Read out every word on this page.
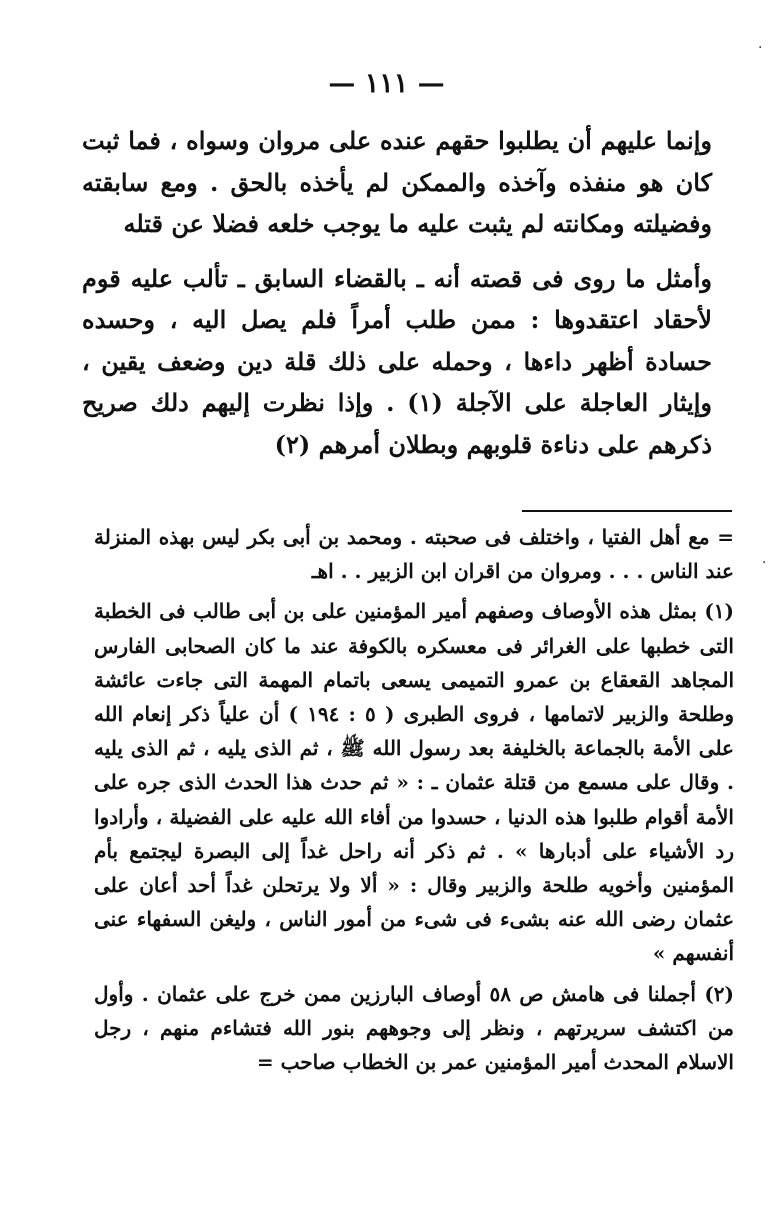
— ١١١ —

وإنما عليهم أن يطلبوا حقهم عنده على مروان وسواه ، فما ثبت كان هو منفذه وآخذه والممكن لم يأخذه بالحق . ومع سابقته وفضيلته ومكانته لم يثبت عليه ما يوجب خلعه فضلا عن قتله

وأمثل ما روى فى قصته أنه ـ بالقضاء السابق ـ تألب عليه قوم لأحقاد اعتقدوها : ممن طلب أمراً فلم يصل اليه ، وحسده حسادة أظهر داءها ، وحمله على ذلك قلة دين وضعف يقين ، وإيثار العاجلة على الآجلة (١) . وإذا نظرت إليهم دلك صريح ذكرهم على دناءة قلوبهم وبطلان أمرهم (٢)

= مع أهل الفتيا ، واختلف فى صحبته . ومحمد بن أبى بكر ليس بهذه المنزلة عند الناس . . . ومروان من اقران ابن الزبير . . اهـ

(١) بمثل هذه الأوصاف وصفهم أمير المؤمنين على بن أبى طالب فى الخطبة التى خطبها على الغرائر فى معسكره بالكوفة عند ما كان الصحابى الفارس المجاهد القعقاع بن عمرو التميمى يسعى باتمام المهمة التى جاءت عائشة وطلحة والزبير لاتمامها ، فروى الطبرى ( ٥ : ١٩٤ ) أن علياً ذكر إنعام الله على الأمة بالجماعة بالخليفة بعد رسول الله ﷺ ، ثم الذى يليه ، ثم الذى يليه . وقال على مسمع من قتلة عثمان ـ : « ثم حدث هذا الحدث الذى جره على الأمة أقوام طلبوا هذه الدنيا ، حسدوا من أفاء الله عليه على الفضيلة ، وأرادوا رد الأشياء على أدبارها » . ثم ذكر أنه راحل غداً إلى البصرة ليجتمع بأم المؤمنين وأخويه طلحة والزبير وقال : « ألا ولا يرتحلن غداً أحد أعان على عثمان رضى الله عنه بشىء فى شىء من أمور الناس ، وليغن السفهاء عنى أنفسهم »

(٢) أجملنا فى هامش ص ٥٨ أوصاف البارزين ممن خرج على عثمان . وأول من اكتشف سريرتهم ، ونظر إلى وجوههم بنور الله فتشاءم منهم ، رجل الاسلام المحدث أمير المؤمنين عمر بن الخطاب صاحب =

·
·
